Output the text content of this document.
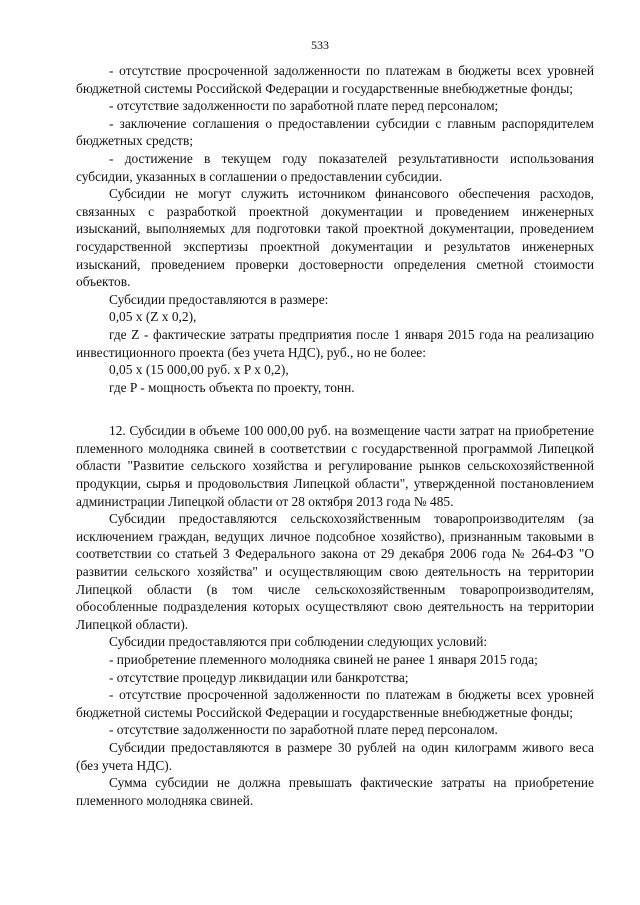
533

- отсутствие просроченной задолженности по платежам в бюджеты всех уровней бюджетной системы Российской Федерации и государственные внебюджетные фонды;

- отсутствие задолженности по заработной плате перед персоналом;

- заключение соглашения о предоставлении субсидии с главным распорядителем бюджетных средств;

- достижение в текущем году показателей результативности использования субсидии, указанных в соглашении о предоставлении субсидии.

Субсидии не могут служить источником финансового обеспечения расходов, связанных с разработкой проектной документации и проведением инженерных изысканий, выполняемых для подготовки такой проектной документации, проведением государственной экспертизы проектной документации и результатов инженерных изысканий, проведением проверки достоверности определения сметной стоимости объектов.

Субсидии предоставляются в размере:

0,05 х (Z х 0,2),

где Z - фактические затраты предприятия после 1 января 2015 года на реализацию инвестиционного проекта (без учета НДС), руб., но не более:

0,05 х (15 000,00 руб. х P х 0,2),

где P - мощность объекта по проекту, тонн.

12. Субсидии в объеме 100 000,00 руб. на возмещение части затрат на приобретение племенного молодняка свиней в соответствии с государственной программой Липецкой области "Развитие сельского хозяйства и регулирование рынков сельскохозяйственной продукции, сырья и продовольствия Липецкой области", утвержденной постановлением администрации Липецкой области от 28 октября 2013 года № 485.

Субсидии предоставляются сельскохозяйственным товаропроизводителям (за исключением граждан, ведущих личное подсобное хозяйство), признанным таковыми в соответствии со статьей 3 Федерального закона от 29 декабря 2006 года № 264-ФЗ "О развитии сельского хозяйства" и осуществляющим свою деятельность на территории Липецкой области (в том числе сельскохозяйственным товаропроизводителям, обособленные подразделения которых осуществляют свою деятельность на территории Липецкой области).

Субсидии предоставляются при соблюдении следующих условий:

- приобретение племенного молодняка свиней не ранее 1 января 2015 года;

- отсутствие процедур ликвидации или банкротства;

- отсутствие просроченной задолженности по платежам в бюджеты всех уровней бюджетной системы Российской Федерации и государственные внебюджетные фонды;

- отсутствие задолженности по заработной плате перед персоналом.

Субсидии предоставляются в размере 30 рублей на один килограмм живого веса (без учета НДС).

Сумма субсидии не должна превышать фактические затраты на приобретение племенного молодняка свиней.
